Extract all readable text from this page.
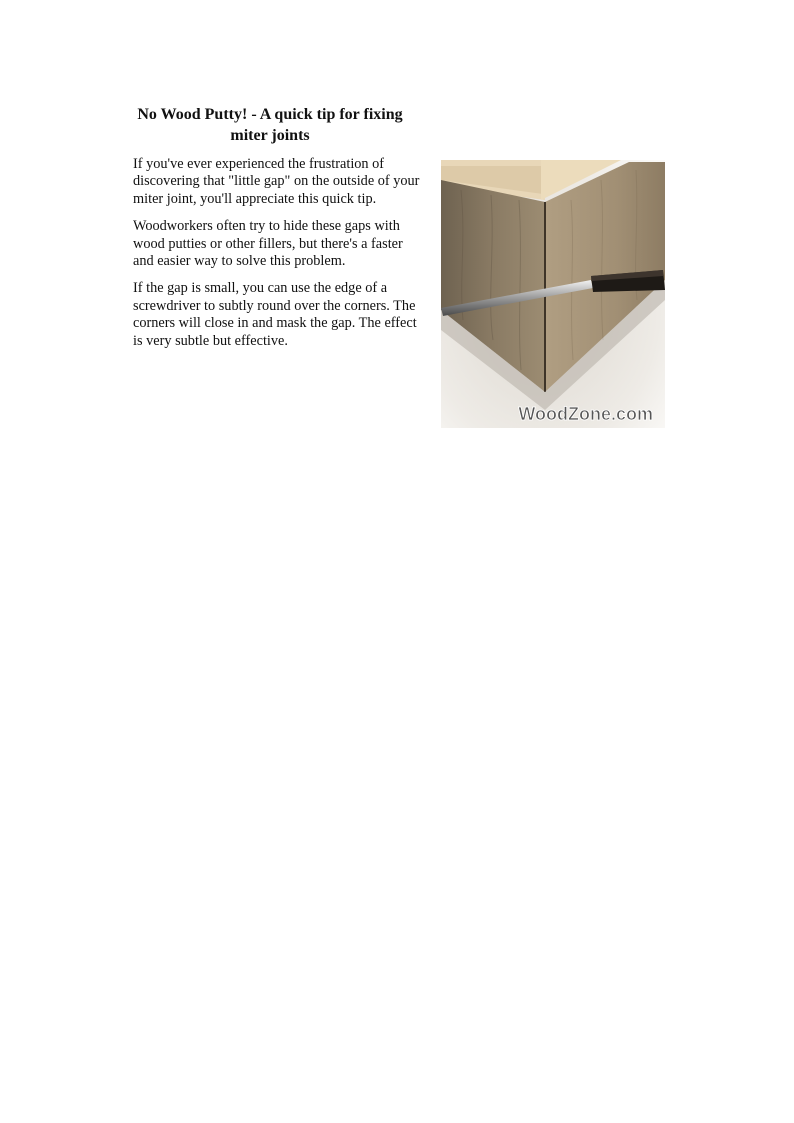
No Wood Putty! - A quick tip for fixing miter joints

If you've ever experienced the frustration of discovering that "little gap" on the outside of your miter joint, you'll appreciate this quick tip.

Woodworkers often try to hide these gaps with wood putties or other fillers, but there's a faster and easier way to solve this problem.

If the gap is small, you can use the edge of a screwdriver to subtly round over the corners. The corners will close in and mask the gap. The effect is very subtle but effective.

WoodZone.com
